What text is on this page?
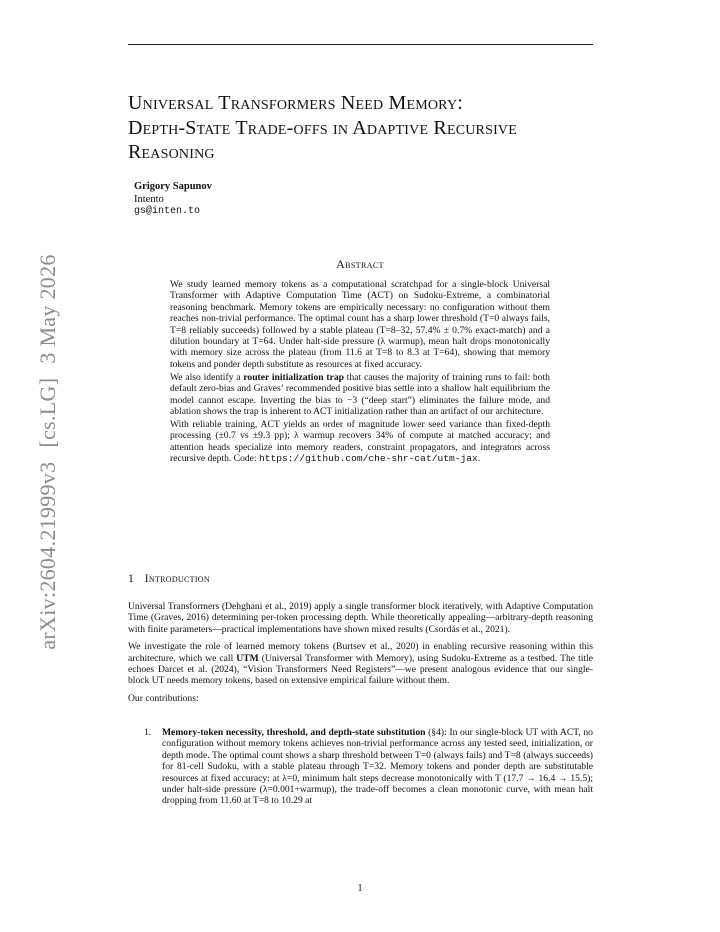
arXiv:2604.21999v3[cs.LG]3 May 2026
Universal Transformers Need Memory:
Depth-State Trade-offs in Adaptive Recursive
Reasoning
Grigory Sapunov
Intento
gs@inten.to
Abstract

We study learned memory tokens as a computational scratchpad for a single-block Universal Transformer with Adaptive Computation Time (ACT) on Sudoku-Extreme, a combinatorial reasoning benchmark. Memory tokens are empirically necessary: no configuration without them reaches non-trivial performance. The optimal count has a sharp lower threshold (T=0 always fails, T=8 reliably succeeds) followed by a stable plateau (T=8–32, 57.4% ± 0.7% exact-match) and a dilution boundary at T=64. Under halt-side pressure (λ warmup), mean halt drops monotonically with memory size across the plateau (from 11.6 at T=8 to 8.3 at T=64), showing that memory tokens and ponder depth substitute as resources at fixed accuracy.

We also identify a router initialization trap that causes the majority of training runs to fail: both default zero-bias and Graves’ recommended positive bias settle into a shallow halt equilibrium the model cannot escape. Inverting the bias to −3 (“deep start”) eliminates the failure mode, and ablation shows the trap is inherent to ACT initialization rather than an artifact of our architecture.

With reliable training, ACT yields an order of magnitude lower seed variance than fixed-depth processing (±0.7 vs ±9.3 pp); λ warmup recovers 34% of compute at matched accuracy; and attention heads specialize into memory readers, constraint propagators, and integrators across recursive depth. Code: https://github.com/che-shr-cat/utm-jax.

1 Introduction

Universal Transformers (Dehghani et al., 2019) apply a single transformer block iteratively, with Adaptive Computation Time (Graves, 2016) determining per-token processing depth. While theoretically appealing—arbitrary-depth reasoning with finite parameters—practical implementations have shown mixed results (Csordás et al., 2021).

We investigate the role of learned memory tokens (Burtsev et al., 2020) in enabling recursive reasoning within this architecture, which we call UTM (Universal Transformer with Memory), using Sudoku-Extreme as a testbed. The title echoes Darcet et al. (2024), “Vision Transformers Need Registers”—we present analogous evidence that our single-block UT needs memory tokens, based on extensive empirical failure without them.

Our contributions:

1. Memory-token necessity, threshold, and depth-state substitution (§4): In our single-block UT with ACT, no configuration without memory tokens achieves non-trivial performance across any tested seed, initialization, or depth mode. The optimal count shows a sharp threshold between T=0 (always fails) and T=8 (always succeeds) for 81-cell Sudoku, with a stable plateau through T=32. Memory tokens and ponder depth are substitutable resources at fixed accuracy: at λ=0, minimum halt steps decrease monotonically with T (17.7 → 16.4 → 15.5); under halt-side pressure (λ=0.001+warmup), the trade-off becomes a clean monotonic curve, with mean halt dropping from 11.60 at T=8 to 10.29 at
1
